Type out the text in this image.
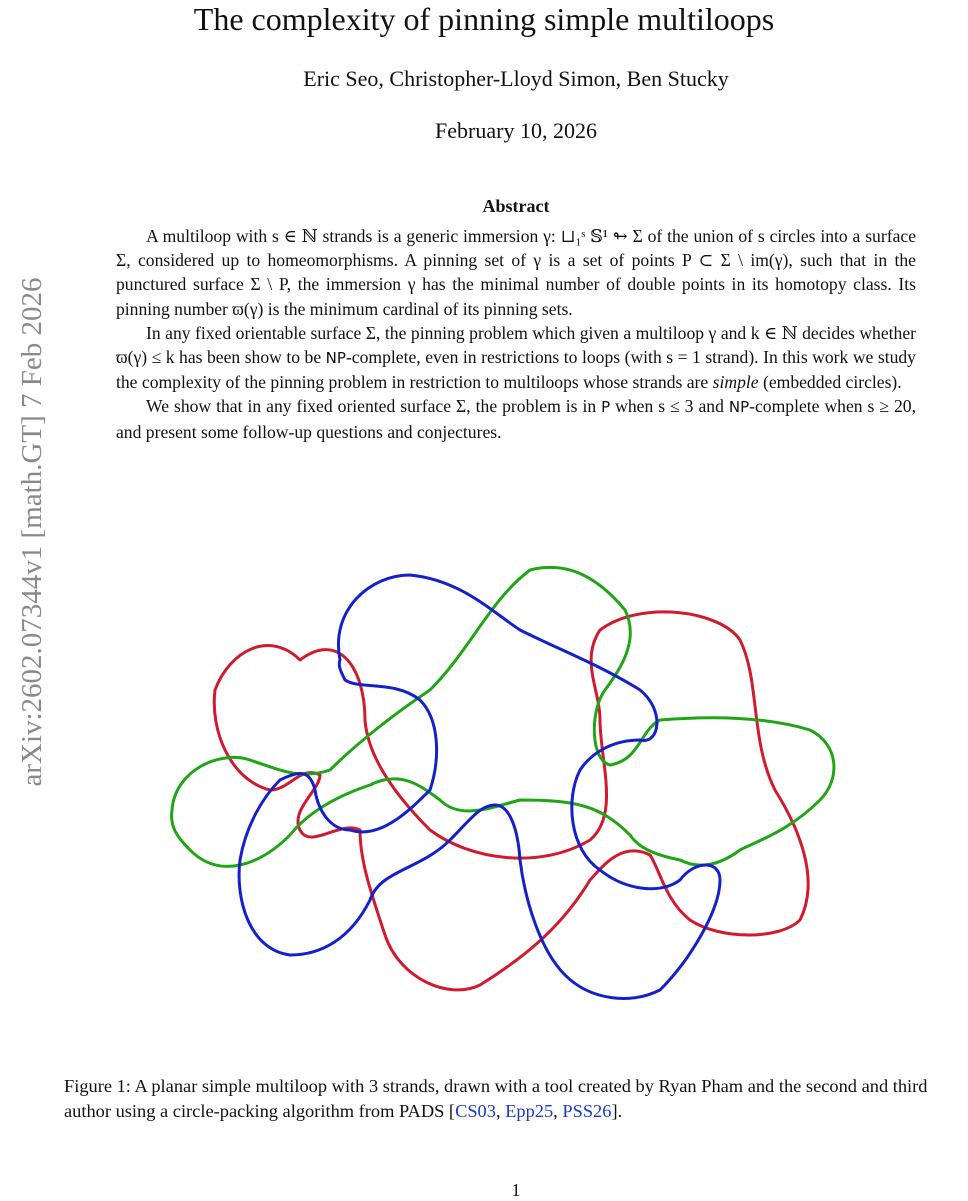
arXiv:2602.07344v1 [math.GT] 7 Feb 2026
The complexity of pinning simple multiloops
Eric Seo, Christopher-Lloyd Simon, Ben Stucky
February 10, 2026
Abstract

A multiloop with s ∈ ℕ strands is a generic immersion γ: ⊔₁ˢ 𝕊¹ ↬ Σ of the union of s circles into a surface Σ, considered up to homeomorphisms. A pinning set of γ is a set of points P ⊂ Σ \ im(γ), such that in the punctured surface Σ \ P, the immersion γ has the minimal number of double points in its homotopy class. Its pinning number ϖ(γ) is the minimum cardinal of its pinning sets.

In any fixed orientable surface Σ, the pinning problem which given a multiloop γ and k ∈ ℕ decides whether ϖ(γ) ≤ k has been show to be NP-complete, even in restrictions to loops (with s = 1 strand). In this work we study the complexity of the pinning problem in restriction to multiloops whose strands are simple (embedded circles).

We show that in any fixed oriented surface Σ, the problem is in P when s ≤ 3 and NP-complete when s ≥ 20, and present some follow-up questions and conjectures.

Figure 1: A planar simple multiloop with 3 strands, drawn with a tool created by Ryan Pham and the second and third author using a circle-packing algorithm from PADS [CS03, Epp25, PSS26].
1
